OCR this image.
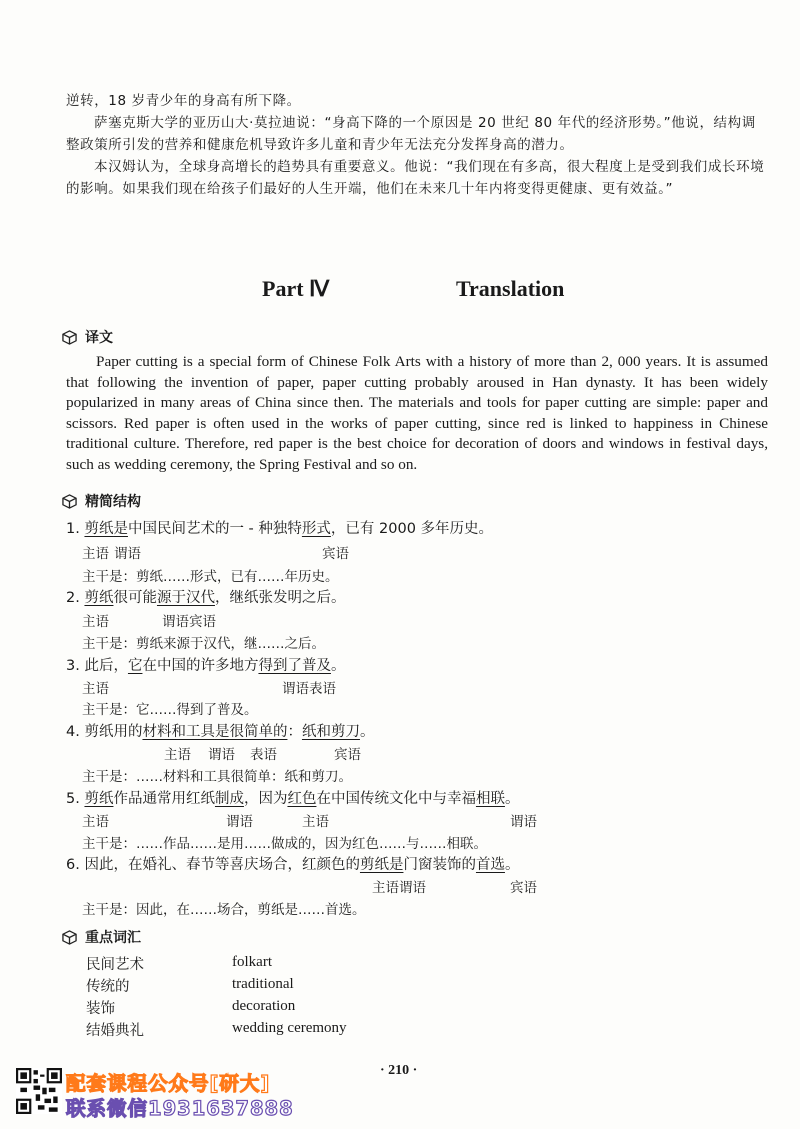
逆转，18 岁青少年的身高有所下降。
萨塞克斯大学的亚历山大·莫拉迪说：“身高下降的一个原因是 20 世纪 80 年代的经济形势。”他说，结构调整政策所引发的营养和健康危机导致许多儿童和青少年无法充分发挥身高的潜力。
本汉姆认为，全球身高增长的趋势具有重要意义。他说：“我们现在有多高，很大程度上是受到我们成长环境的影响。如果我们现在给孩子们最好的人生开端，他们在未来几十年内将变得更健康、更有效益。”
Part Ⅳ	Translation
译文
Paper cutting is a special form of Chinese Folk Arts with a history of more than 2, 000 years. It is assumed that following the invention of paper, paper cutting probably aroused in Han dynasty. It has been widely popularized in many areas of China since then. The materials and tools for paper cutting are simple: paper and scissors. Red paper is often used in the works of paper cutting, since red is linked to happiness in Chinese traditional culture. Therefore, red paper is the best choice for decoration of doors and windows in festival days, such as wedding ceremony, the Spring Festival and so on.
精简结构
1. 剪纸是中国民间艺术的一 - 种独特形式，已有 2000 多年历史。
主语 谓语	宾语
主干是：剪纸……形式，已有……年历史。
2. 剪纸很可能源于汉代，继纸张发明之后。
主语	谓语宾语
主干是：剪纸来源于汉代，继……之后。
3. 此后，它在中国的许多地方得到了普及。
主语	谓语表语
主干是：它……得到了普及。
4. 剪纸用的材料和工具是很简单的：纸和剪刀。
主语 谓语 表语	宾语
主干是：……材料和工具很简单：纸和剪刀。
5. 剪纸作品通常用红纸制成，因为红色在中国传统文化中与幸福相联。
主语	谓语	主语	谓语
主干是：……作品……是用……做成的，因为红色……与……相联。
6. 因此，在婚礼、春节等喜庆场合，红颜色的剪纸是门窗装饰的首选。
主语谓语	宾语
主干是：因此，在……场合，剪纸是……首选。
重点词汇
民间艺术	folkart
传统的	traditional
装饰	decoration
结婚典礼	wedding ceremony
· 210 ·
配套课程公众号[研大]
联系微信1931637888
